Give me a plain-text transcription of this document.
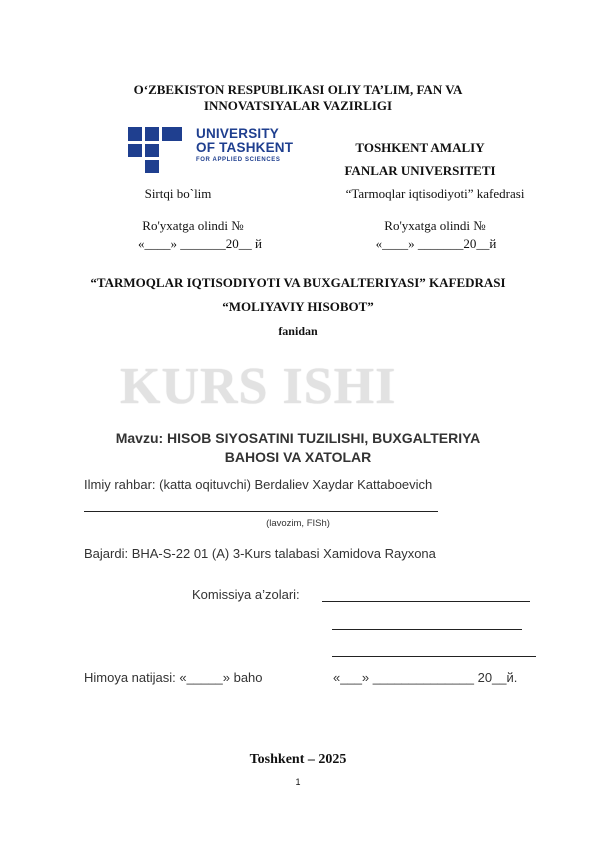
O‘ZBEKISTON RESPUBLIKASI OLIY TA’LIM, FAN VA
INNOVATSIYALAR VAZIRLIGI
UNIVERSITY
OF TASHKENT
FOR APPLIED SCIENCES
TOSHKENT AMALIY
FANLAR UNIVERSITETI
Sirtqi bo`lim
Ro'yxatga olindi №
«____» _______20__ й
“Tarmoqlar iqtisodiyoti” kafedrasi
Ro'yxatga olindi №
«____» _______20__й
“TARMOQLAR IQTISODIYOTI VA BUXGALTERIYASI” KAFEDRASI
“MOLIYAVIY HISOBOT”
fanidan
KURS ISHI
Mavzu: HISOB SIYOSATINI TUZILISHI, BUXGALTERIYA
BAHOSI VA XATOLAR
Ilmiy rahbar: (katta oqituvchi) Berdaliev Xaydar Kattaboevich
(lavozim, FISh)
Bajardi: BHA-S-22 01 (A) 3-Kurs talabasi Xamidova Rayxona
Komissiya a’zolari:
Himoya natijasi: «_____» baho	«___» ______________ 20__й.
Toshkent – 2025
1
